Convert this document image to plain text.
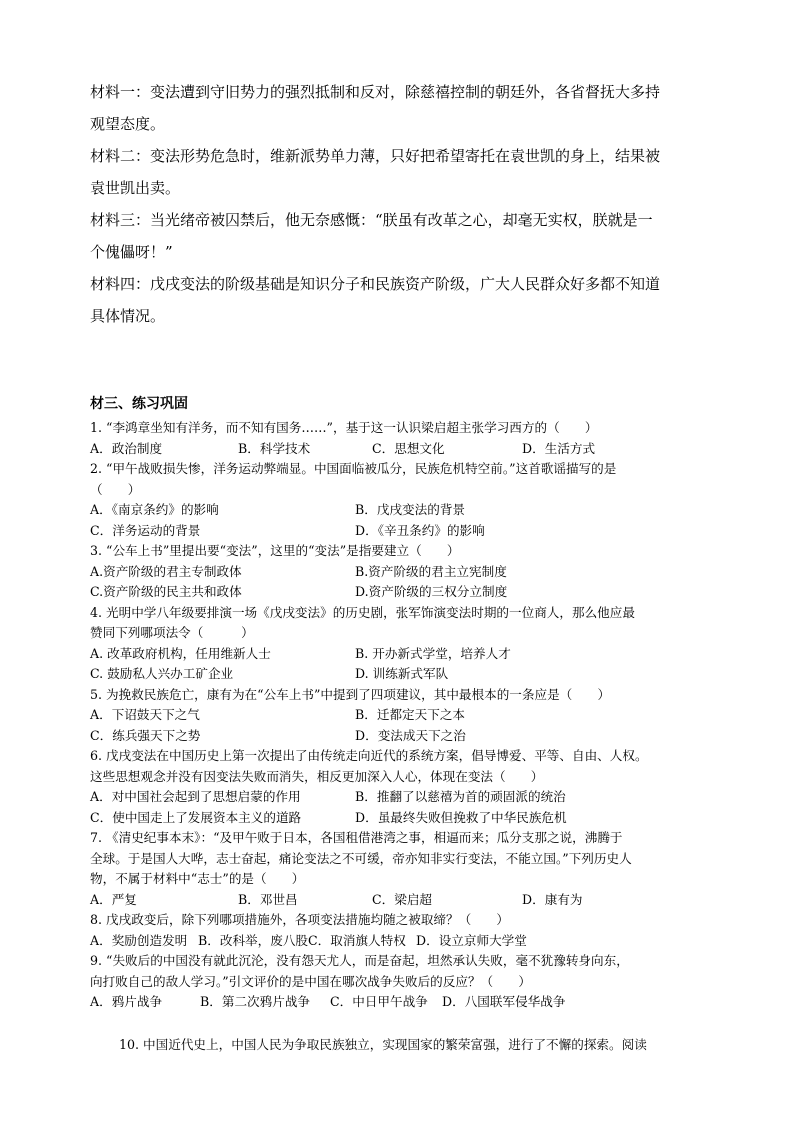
材料一：变法遭到守旧势力的强烈抵制和反对，除慈禧控制的朝廷外，各省督抚大多持
观望态度。

材料二：变法形势危急时，维新派势单力薄，只好把希望寄托在袁世凯的身上，结果被
袁世凯出卖。

材料三：当光绪帝被囚禁后，他无奈感慨：“朕虽有改革之心，却毫无实权，朕就是一
个傀儡呀！”

材料四：戊戌变法的阶级基础是知识分子和民族资产阶级，广大人民群众好多都不知道
具体情况。

材三、练习巩固
1. “李鸿章坐知有洋务，而不知有国务……”，基于这一认识梁启超主张学习西方的（　　）
A．政治制度	B．科学技术	C．思想文化	D．生活方式
2. “甲午战败损失惨，洋务运动弊端显。中国面临被瓜分，民族危机特空前。”这首歌谣描写的是
（　　）
A．《南京条约》的影响	B．戊戌变法的背景
C．洋务运动的背景	D．《辛丑条约》的影响
3. “公车上书”里提出要“变法”，这里的“变法”是指要建立（　　）
A.资产阶级的君主专制政体	B.资产阶级的君主立宪制度
C.资产阶级的民主共和政体	D.资产阶级的三权分立制度
4. 光明中学八年级要排演一场《戊戌变法》的历史剧，张军饰演变法时期的一位商人，那么他应最
赞同下列哪项法令（　　　）
A. 改革政府机构，任用维新人士	B. 开办新式学堂，培养人才
C. 鼓励私人兴办工矿企业	D. 训练新式军队
5. 为挽救民族危亡，康有为在“公车上书”中提到了四项建议，其中最根本的一条应是（　　）
A．下诏鼓天下之气	B．迁都定天下之本
C．练兵强天下之势	D．变法成天下之治
6. 戊戌变法在中国历史上第一次提出了由传统走向近代的系统方案，倡导博爱、平等、自由、人权。
这些思想观念并没有因变法失败而消失，相反更加深入人心，体现在变法（　　）
A．对中国社会起到了思想启蒙的作用	B．推翻了以慈禧为首的顽固派的统治
C．使中国走上了发展资本主义的道路	D．虽最终失败但挽救了中华民族危机
7. 《清史纪事本末》：“及甲午败于日本，各国租借港湾之事，相逼而来；瓜分支那之说，沸腾于
全球。于是国人大哗，志士奋起，痛论变法之不可缓，帝亦知非实行变法，不能立国。”下列历史人
物，不属于材料中“志士”的是（　　）
A．严复	B．邓世昌	C．梁启超	D．康有为
8. 戊戌政变后，除下列哪项措施外，各项变法措施均随之被取缔？（　　）
A．奖励创造发明 B．改科举，废八股 C．取消旗人特权 D．设立京师大学堂
9. “失败后的中国没有就此沉沦，没有怨天尤人，而是奋起，坦然承认失败，毫不犹豫转身向东，
向打败自己的敌人学习。”引文评价的是中国在哪次战争失败后的反应？（　　）
A．鸦片战争	B．第二次鸦片战争 C．中日甲午战争 D．八国联军侵华战争

10. 中国近代史上，中国人民为争取民族独立，实现国家的繁荣富强，进行了不懈的探索。阅读
